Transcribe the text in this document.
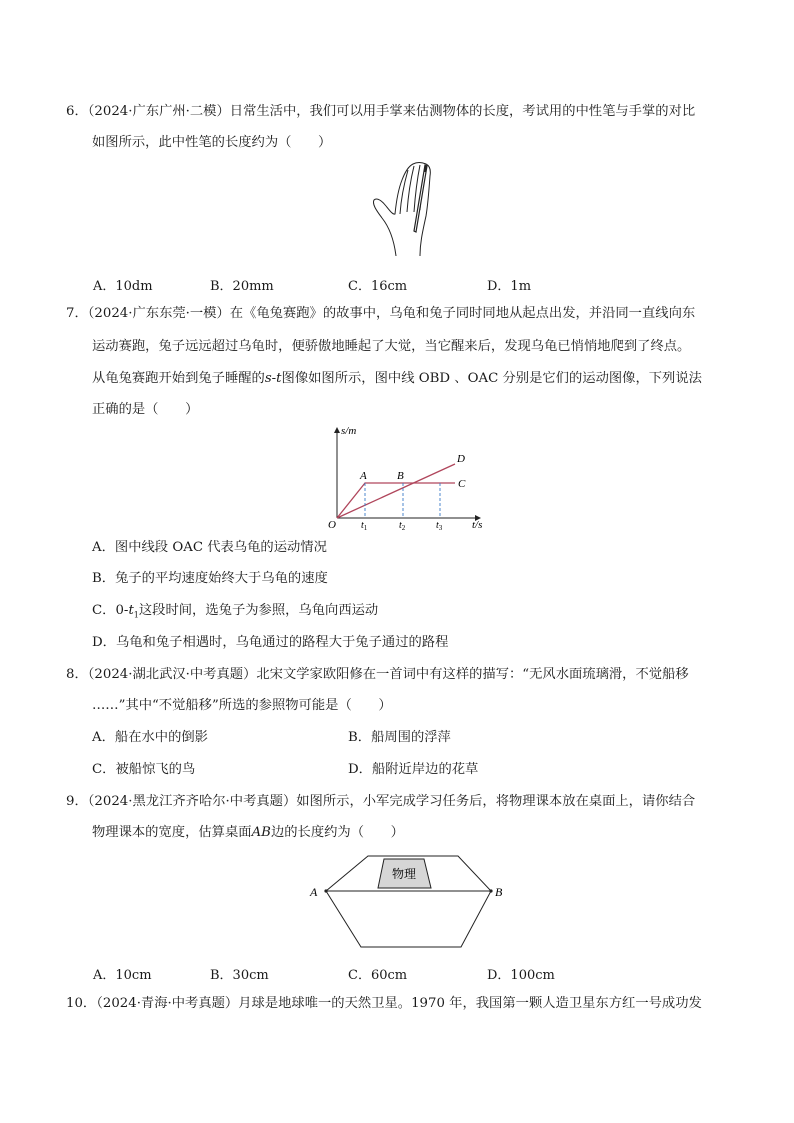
6．（2024·广东广州·二模）日常生活中，我们可以用手掌来估测物体的长度，考试用的中性笔与手掌的对比
如图所示，此中性笔的长度约为（　　）
A．10dm	B．20mm	C．16cm	D．1m
7．（2024·广东东莞·一模）在《龟兔赛跑》的故事中，乌龟和兔子同时同地从起点出发，并沿同一直线向东
运动赛跑，兔子远远超过乌龟时，便骄傲地睡起了大觉，当它醒来后，发现乌龟已悄悄地爬到了终点。
从龟兔赛跑开始到兔子睡醒的s-t图像如图所示，图中线 OBD 、OAC 分别是它们的运动图像，下列说法
正确的是（　　）
s/m
t/s
O
A	B
C
D
$t_1$	$t_2$	$t_3$
A．图中线段 OAC 代表乌龟的运动情况
B．兔子的平均速度始终大于乌龟的速度
C．$0-t_1$这段时间，选兔子为参照，乌龟向西运动
D．乌龟和兔子相遇时，乌龟通过的路程大于兔子通过的路程
8．（2024·湖北武汉·中考真题）北宋文学家欧阳修在一首词中有这样的描写：“无风水面琉璃滑，不觉船移
……”其中“不觉船移”所选的参照物可能是（　　）
A．船在水中的倒影	B．船周围的浮萍
C．被船惊飞的鸟	D．船附近岸边的花草
9．（2024·黑龙江齐齐哈尔·中考真题）如图所示，小军完成学习任务后，将物理课本放在桌面上，请你结合
物理课本的宽度，估算桌面AB边的长度约为（　　）
物理
A	B
A．10cm	B．30cm	C．60cm	D．100cm
10．（2024·青海·中考真题）月球是地球唯一的天然卫星。1970 年，我国第一颗人造卫星东方红一号成功发
